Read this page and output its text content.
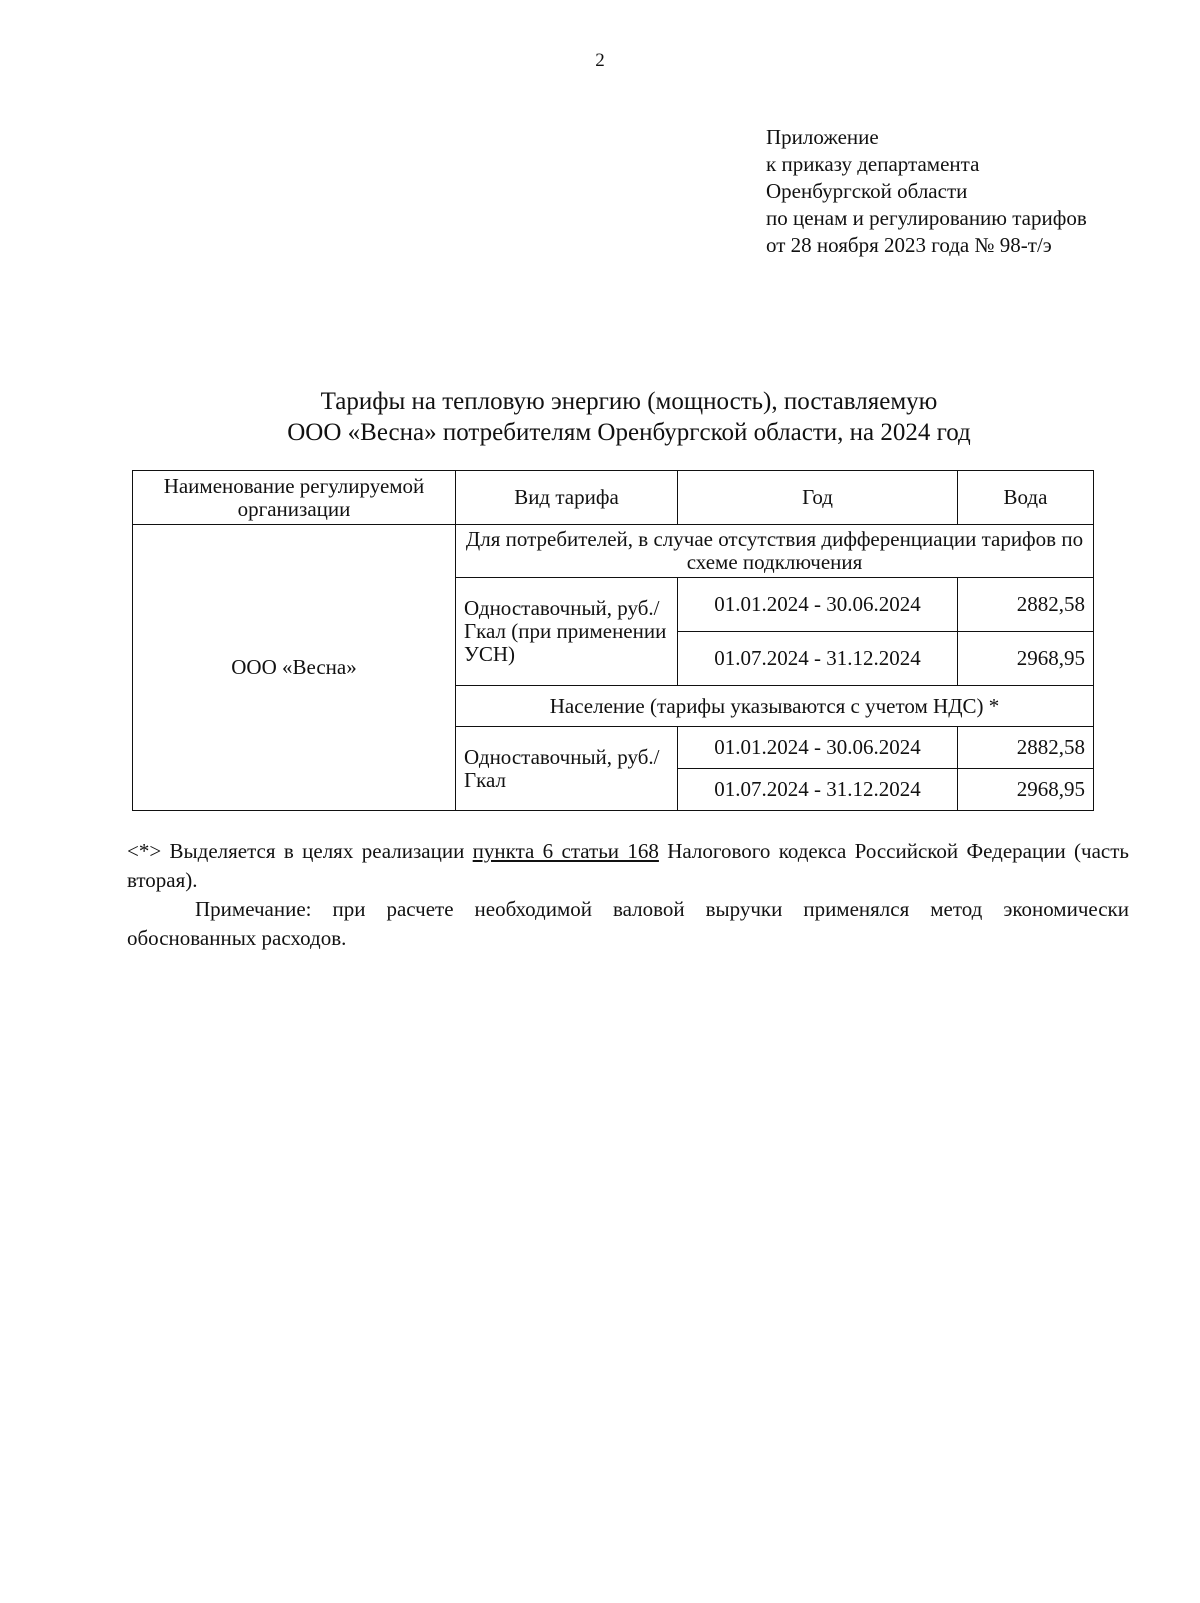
2
Приложение
к приказу департамента
Оренбургской области
по ценам и регулированию тарифов
от 28 ноября 2023 года № 98-т/э
Тарифы на тепловую энергию (мощность), поставляемую
ООО «Весна» потребителям Оренбургской области, на 2024 год
Наименование регулируемой организации	Вид тарифа	Год	Вода
ООО «Весна»	Для потребителей, в случае отсутствия дифференциации тарифов по схеме подключения		
	Одноставочный, руб./Гкал (при применении УСН)	01.01.2024 - 30.06.2024	2882,58
		01.07.2024 - 31.12.2024	2968,95
	Население (тарифы указываются с учетом НДС) *		
	Одноставочный, руб./Гкал	01.01.2024 - 30.06.2024	2882,58
		01.07.2024 - 31.12.2024	2968,95

<*> Выделяется в целях реализации пункта 6 статьи 168 Налогового кодекса Российской Федерации (часть вторая).

Примечание: при расчете необходимой валовой выручки применялся метод экономически обоснованных расходов.
